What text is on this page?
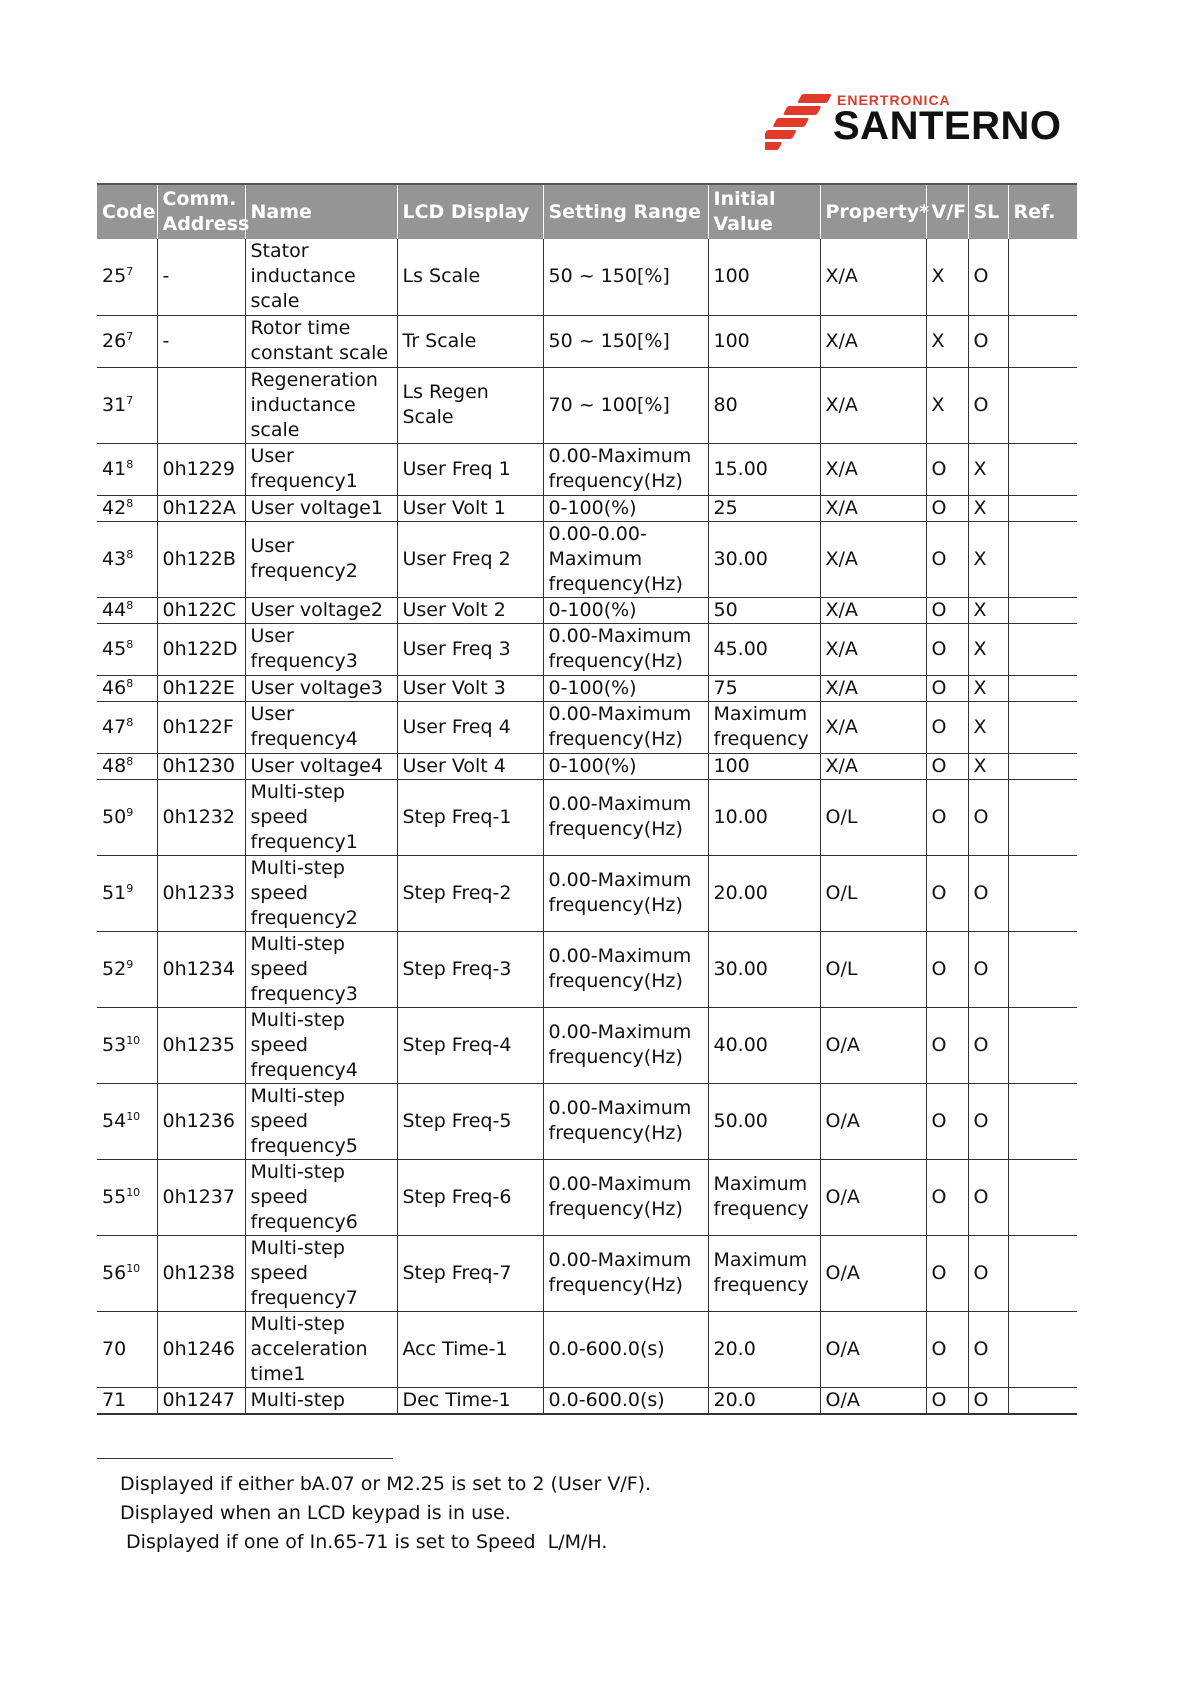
ENERTRONICA
SANTERNO
Code	Comm. Address	Name	LCD Display	Setting Range	Initial Value	Property*	V/F	SL	Ref.
$25^7$	-	Stator inductance scale	Ls Scale	50 ~ 150[%]	100	X/A	X	O	
$26^7$	-	Rotor time constant scale	Tr Scale	50 ~ 150[%]	100	X/A	X	O	
$31^7$		Regeneration inductance scale	Ls Regen Scale	70 ~ 100[%]	80	X/A	X	O	
$41^8$	0h1229	User frequency1	User Freq 1	0.00-Maximum frequency(Hz)	15.00	X/A	O	X	
$42^8$	0h122A	User voltage1	User Volt 1	0-100(%)	25	X/A	O	X	
$43^8$	0h122B	User frequency2	User Freq 2	0.00-0.00-Maximum frequency(Hz)	30.00	X/A	O	X	
$44^8$	0h122C	User voltage2	User Volt 2	0-100(%)	50	X/A	O	X	
$45^8$	0h122D	User frequency3	User Freq 3	0.00-Maximum frequency(Hz)	45.00	X/A	O	X	
$46^8$	0h122E	User voltage3	User Volt 3	0-100(%)	75	X/A	O	X	
$47^8$	0h122F	User frequency4	User Freq 4	0.00-Maximum frequency(Hz)	Maximum frequency	X/A	O	X	
$48^8$	0h1230	User voltage4	User Volt 4	0-100(%)	100	X/A	O	X	
$50^9$	0h1232	Multi-step speed frequency1	Step Freq-1	0.00-Maximum frequency(Hz)	10.00	O/L	O	O	
$51^9$	0h1233	Multi-step speed frequency2	Step Freq-2	0.00-Maximum frequency(Hz)	20.00	O/L	O	O	
$52^9$	0h1234	Multi-step speed frequency3	Step Freq-3	0.00-Maximum frequency(Hz)	30.00	O/L	O	O	
$53^{10}$	0h1235	Multi-step speed frequency4	Step Freq-4	0.00-Maximum frequency(Hz)	40.00	O/A	O	O	
$54^{10}$	0h1236	Multi-step speed frequency5	Step Freq-5	0.00-Maximum frequency(Hz)	50.00	O/A	O	O	
$55^{10}$	0h1237	Multi-step speed frequency6	Step Freq-6	0.00-Maximum frequency(Hz)	Maximum frequency	O/A	O	O	
$56^{10}$	0h1238	Multi-step speed frequency7	Step Freq-7	0.00-Maximum frequency(Hz)	Maximum frequency	O/A	O	O	
70	0h1246	Multi-step acceleration time1	Acc Time-1	0.0-600.0(s)	20.0	O/A	O	O	
71	0h1247	Multi-step	Dec Time-1	0.0-600.0(s)	20.0	O/A	O	O	
Displayed if either bA.07 or M2.25 is set to 2 (User V/F).
Displayed when an LCD keypad is in use.
Displayed if one of In.65-71 is set to Speed  L/M/H.
